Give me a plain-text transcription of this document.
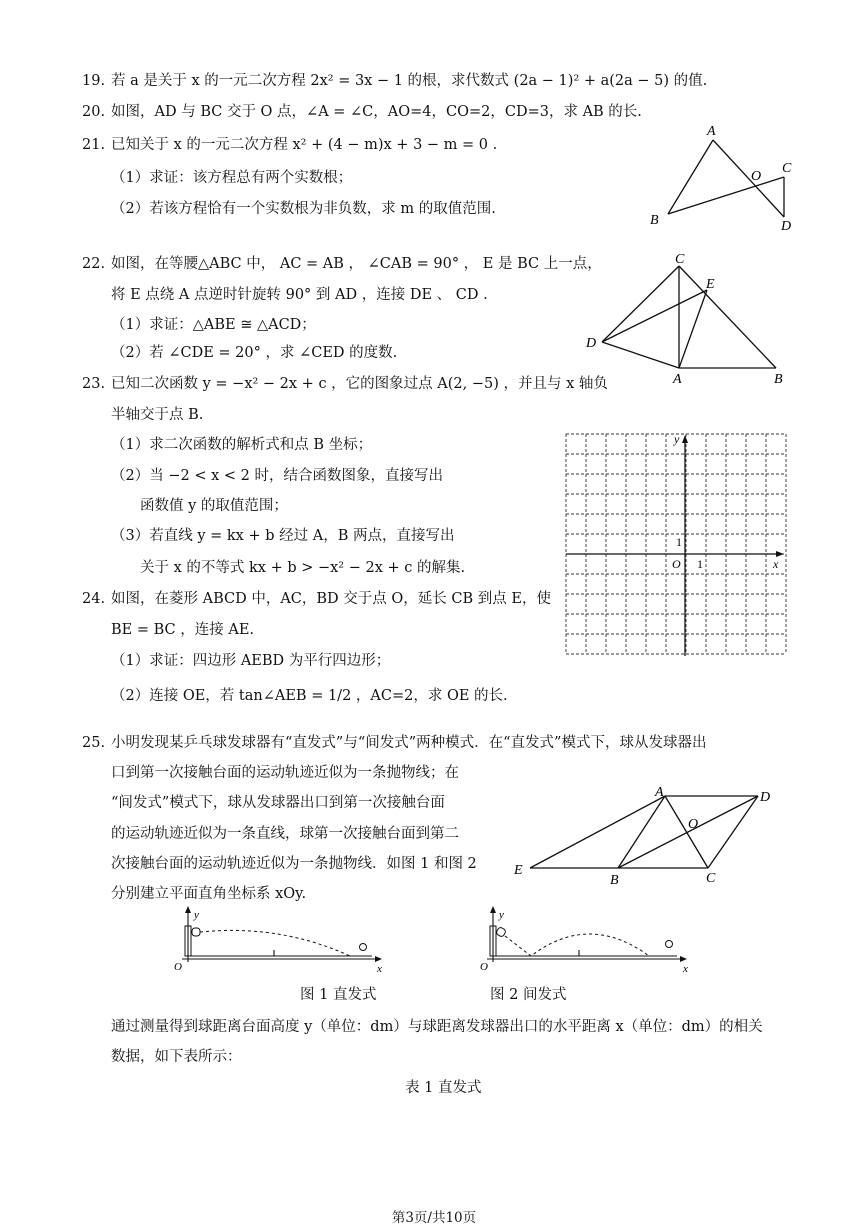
19. 若 a 是关于 x 的一元二次方程 2x² = 3x − 1 的根，求代数式 (2a − 1)² + a(2a − 5) 的值.
20. 如图，AD 与 BC 交于 O 点，∠A = ∠C，AO=4，CO=2，CD=3，求 AB 的长.
21. 已知关于 x 的一元二次方程 x² + (4 − m)x + 3 − m = 0 .
（1）求证：该方程总有两个实数根；
（2）若该方程恰有一个实数根为非负数，求 m 的取值范围.
A
B
C
D
O
22. 如图，在等腰△ABC 中， AC = AB ， ∠CAB = 90° ， E 是 BC 上一点，
将 E 点绕 A 点逆时针旋转 90° 到 AD ，连接 DE 、 CD .
（1）求证：△ABE ≅ △ACD；
（2）若 ∠CDE = 20° ，求 ∠CED 的度数.
C
E
D
A	B
23. 已知二次函数 y = −x² − 2x + c ，它的图象过点 A(2, −5) ，并且与 x 轴负
半轴交于点 B.
（1）求二次函数的解析式和点 B 坐标；
（2）当 −2 < x < 2 时，结合函数图象，直接写出
函数值 y 的取值范围；
（3）若直线 y = kx + b 经过 A，B 两点，直接写出
关于 x 的不等式 kx + b > −x² − 2x + c 的解集.
y
x
O 1
1
24. 如图，在菱形 ABCD 中，AC，BD 交于点 O，延长 CB 到点 E，使
BE = BC ，连接 AE.
（1）求证：四边形 AEBD 为平行四边形；
（2）连接 OE，若 tan∠AEB = 1/2 ，AC=2，求 OE 的长.
25. 小明发现某乒乓球发球器有“直发式”与“间发式”两种模式．在“直发式”模式下，球从发球器出
口到第一次接触台面的运动轨迹近似为一条抛物线；在
“间发式”模式下，球从发球器出口到第一次接触台面
的运动轨迹近似为一条直线，球第一次接触台面到第二
次接触台面的运动轨迹近似为一条抛物线．如图 1 和图 2
分别建立平面直角坐标系 xOy.
A	D
O
E
B	C
y
O	x
图 1 直发式
y
O	x
图 2 间发式
通过测量得到球距离台面高度 y（单位：dm）与球距离发球器出口的水平距离 x（单位：dm）的相关
数据，如下表所示：
表 1 直发式
第3页/共10页
